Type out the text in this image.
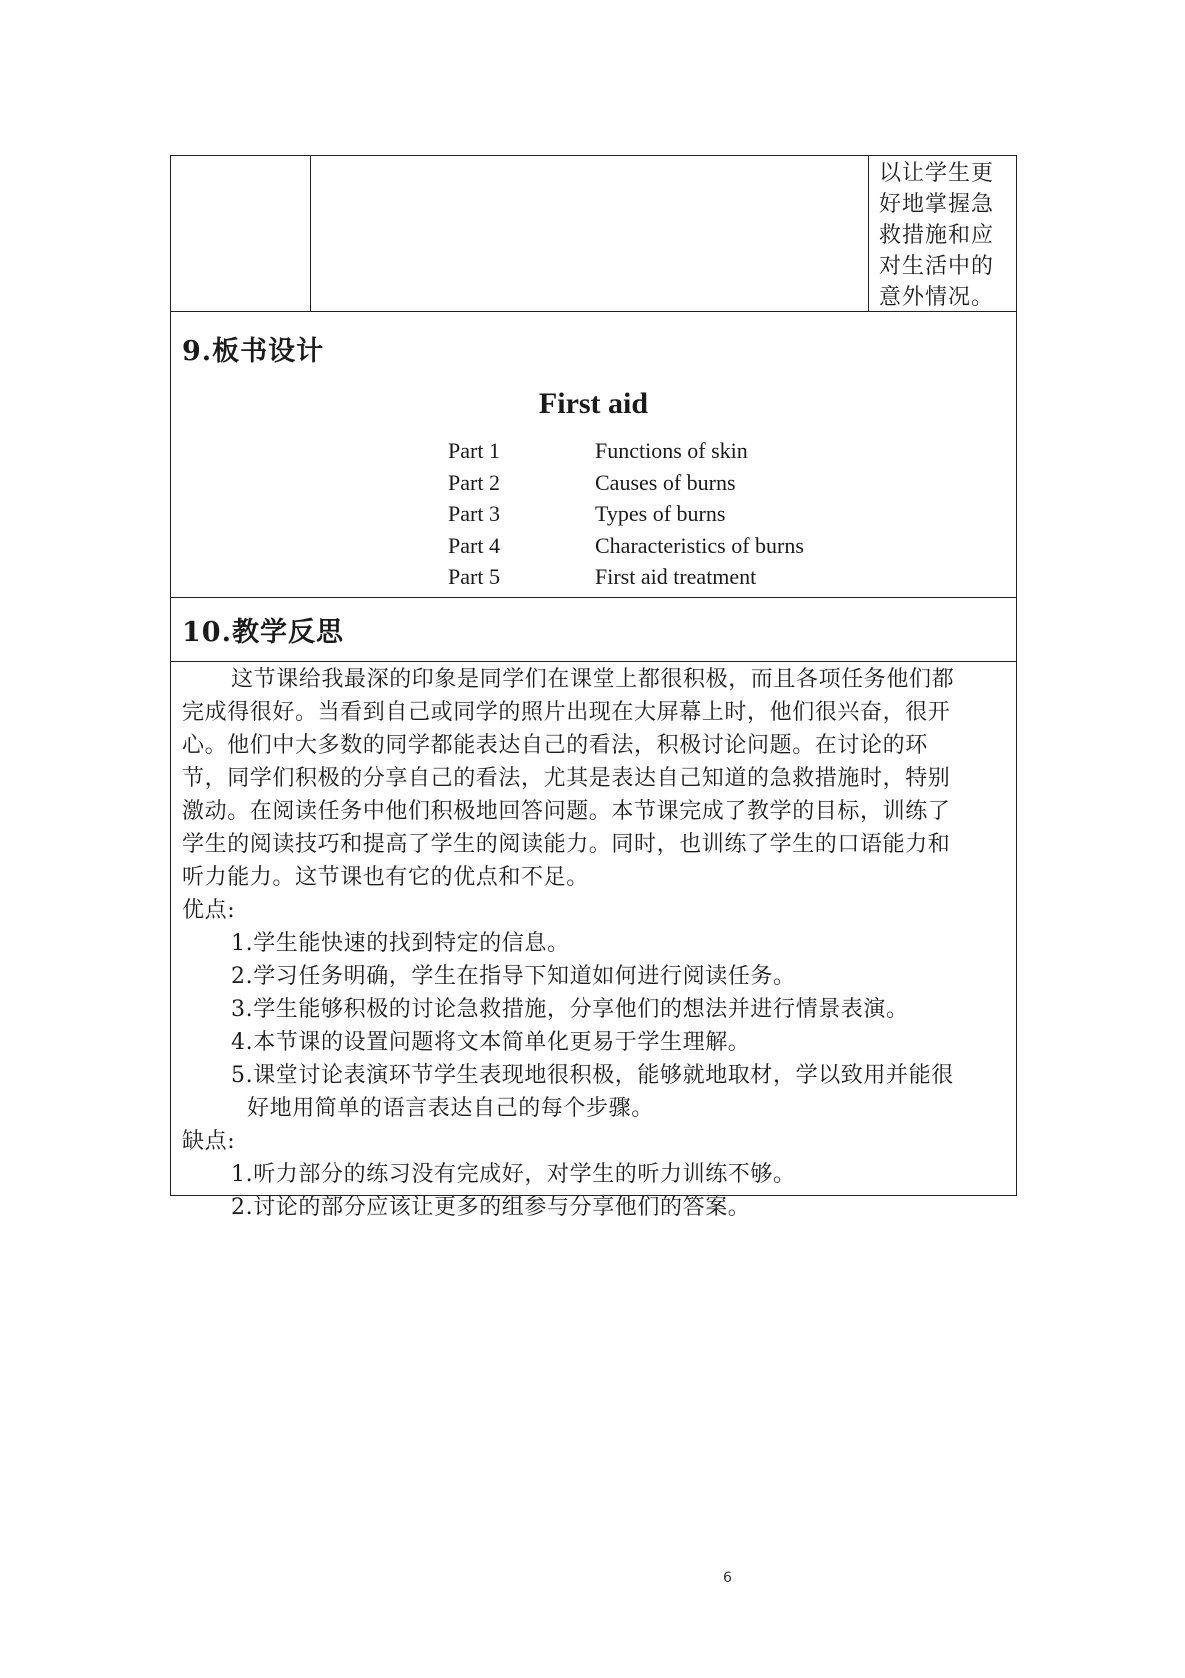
以让学生更
好地掌握急
救措施和应
对生活中的
意外情况。
9.板书设计
First aid
Part 1	Functions of skin
Part 2	Causes of burns
Part 3	Types of burns
Part 4	Characteristics of burns
Part 5	First aid treatment
10.教学反思
这节课给我最深的印象是同学们在课堂上都很积极，而且各项任务他们都
完成得很好。当看到自己或同学的照片出现在大屏幕上时，他们很兴奋，很开
心。他们中大多数的同学都能表达自己的看法，积极讨论问题。在讨论的环
节，同学们积极的分享自己的看法，尤其是表达自己知道的急救措施时，特别
激动。在阅读任务中他们积极地回答问题。本节课完成了教学的目标，训练了
学生的阅读技巧和提高了学生的阅读能力。同时，也训练了学生的口语能力和
听力能力。这节课也有它的优点和不足。
优点:
1.学生能快速的找到特定的信息。
2.学习任务明确，学生在指导下知道如何进行阅读任务。
3.学生能够积极的讨论急救措施，分享他们的想法并进行情景表演。
4.本节课的设置问题将文本简单化更易于学生理解。
5.课堂讨论表演环节学生表现地很积极，能够就地取材，学以致用并能很
好地用简单的语言表达自己的每个步骤。
缺点:
1.听力部分的练习没有完成好，对学生的听力训练不够。
2.讨论的部分应该让更多的组参与分享他们的答案。
6
